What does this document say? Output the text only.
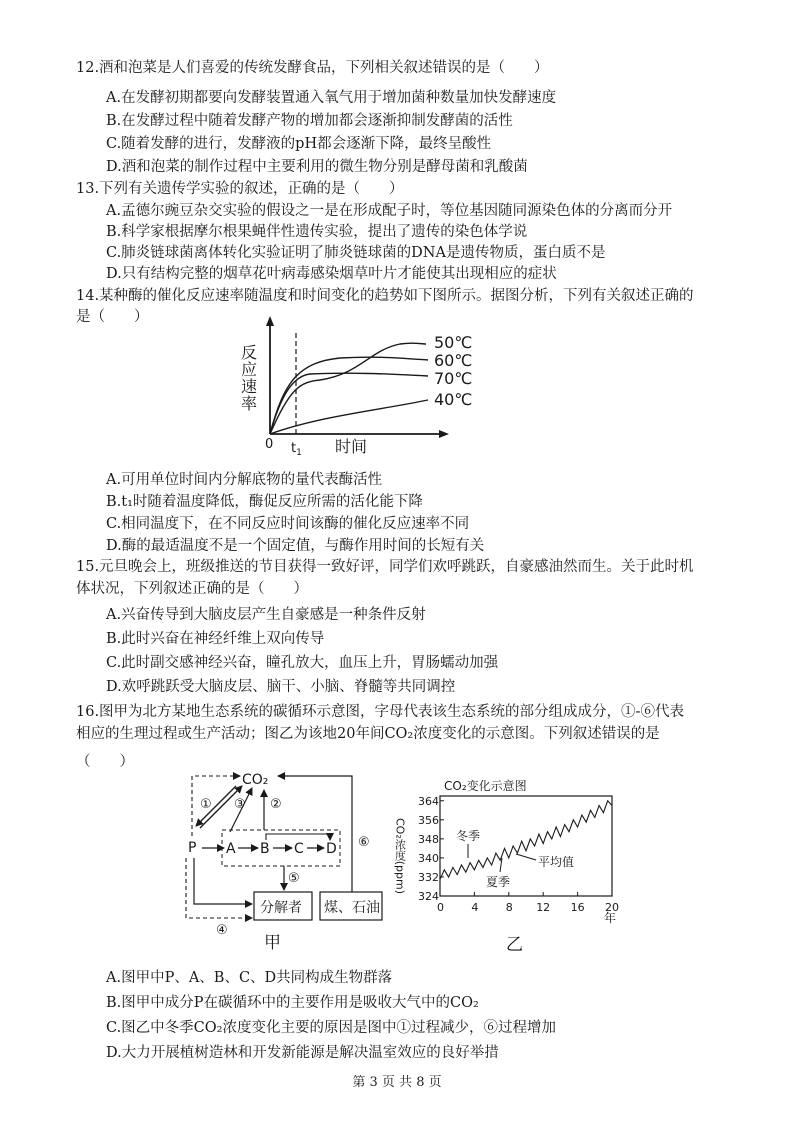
12.酒和泡菜是人们喜爱的传统发酵食品，下列相关叙述错误的是（　　）
A.在发酵初期都要向发酵装置通入氧气用于增加菌种数量加快发酵速度
B.在发酵过程中随着发酵产物的增加都会逐渐抑制发酵菌的活性
C.随着发酵的进行，发酵液的pH都会逐渐下降，最终呈酸性
D.酒和泡菜的制作过程中主要利用的微生物分别是酵母菌和乳酸菌
13.下列有关遗传学实验的叙述，正确的是（　　）
A.孟德尔豌豆杂交实验的假设之一是在形成配子时，等位基因随同源染色体的分离而分开
B.科学家根据摩尔根果蝇伴性遗传实验，提出了遗传的染色体学说
C.肺炎链球菌离体转化实验证明了肺炎链球菌的DNA是遗传物质，蛋白质不是
D.只有结构完整的烟草花叶病毒感染烟草叶片才能使其出现相应的症状
14.某种酶的催化反应速率随温度和时间变化的趋势如下图所示。据图分析，下列有关叙述正确的
是（　　）
反应速率
0 $t_1$ 时间
50℃
60℃
70℃
40℃
A.可用单位时间内分解底物的量代表酶活性
B.t₁时随着温度降低，酶促反应所需的活化能下降
C.相同温度下，在不同反应时间该酶的催化反应速率不同
D.酶的最适温度不是一个固定值，与酶作用时间的长短有关
15.元旦晚会上，班级推送的节目获得一致好评，同学们欢呼跳跃，自豪感油然而生。关于此时机
体状况，下列叙述正确的是（　　）
A.兴奋传导到大脑皮层产生自豪感是一种条件反射
B.此时兴奋在神经纤维上双向传导
C.此时副交感神经兴奋，瞳孔放大，血压上升，胃肠蠕动加强
D.欢呼跳跃受大脑皮层、脑干、小脑、脊髓等共同调控
16.图甲为北方某地生态系统的碳循环示意图，字母代表该生态系统的部分组成成分，①-⑥代表
相应的生理过程或生产活动；图乙为该地20年间CO₂浓度变化的示意图。下列叙述错误的是
（　　）
CO₂
① ③ ②
P A B C D
⑤
④
分解者 煤、石油
⑥
甲
CO₂变化示意图
CO₂浓度(ppm)
324
332
340
348
356
364
0 4 8 12 16 20
冬季
夏季
平均值
年
乙
A.图甲中P、A、B、C、D共同构成生物群落
B.图甲中成分P在碳循环中的主要作用是吸收大气中的CO₂
C.图乙中冬季CO₂浓度变化主要的原因是图中①过程减少，⑥过程增加
D.大力开展植树造林和开发新能源是解决温室效应的良好举措
第 3 页 共 8 页
